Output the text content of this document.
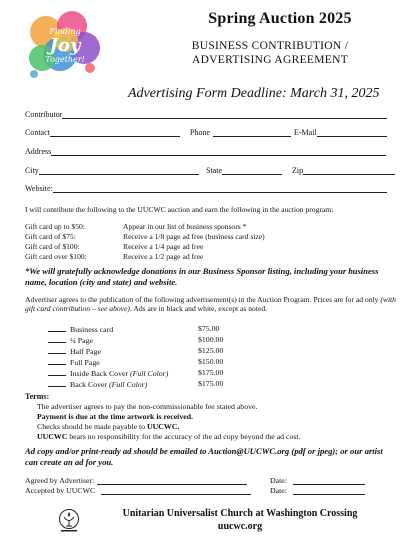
Finding
Joy
Together!
Spring Auction 2025
BUSINESS CONTRIBUTION /
ADVERTISING AGREEMENT
Advertising Form Deadline: March 31, 2025
Contributor
Contact	Phone	E-Mail
Address
City	State	Zip
Website:
I will contribute the following to the UUCWC auction and earn the following in the auction program:
Gift card up to $50:	Appear in our list of business sponsors *
Gift card of $75:	Receive a 1/8 page ad free (business card size)
Gift card of $100:	Receive a 1/4 page ad free
Gift card over $100:	Receive a 1/2 page ad free
*We will gratefully acknowledge donations in our Business Sponsor listing, including your business name, location (city and state) and website.
Advertiser agrees to the publication of the following advertisement(s) in the Auction Program. Prices are for ad only (with gift card contribution – see above). Ads are in black and white, except as noted.
Business card	$75.00
¼ Page	$100.00
Half Page	$125.00
Full Page	$150.00
Inside Back Cover (Full Color)	$175.00
Back Cover (Full Color)	$175.00
Terms:
The advertiser agrees to pay the non-commissionable fee stated above.
Payment is due at the time artwork is received.
Checks should be made payable to UUCWC.
UUCWC bears no responsibility for the accuracy of the ad copy beyond the ad cost.
Ad copy and/or print-ready ad should be emailed to Auction@UUCWC.org (pdf or jpeg); or our artist can create an ad for you.
Agreed by Advertiser:	Date:
Accepted by UUCWC	Date:
Unitarian Universalist Church at Washington Crossing
uucwc.org
